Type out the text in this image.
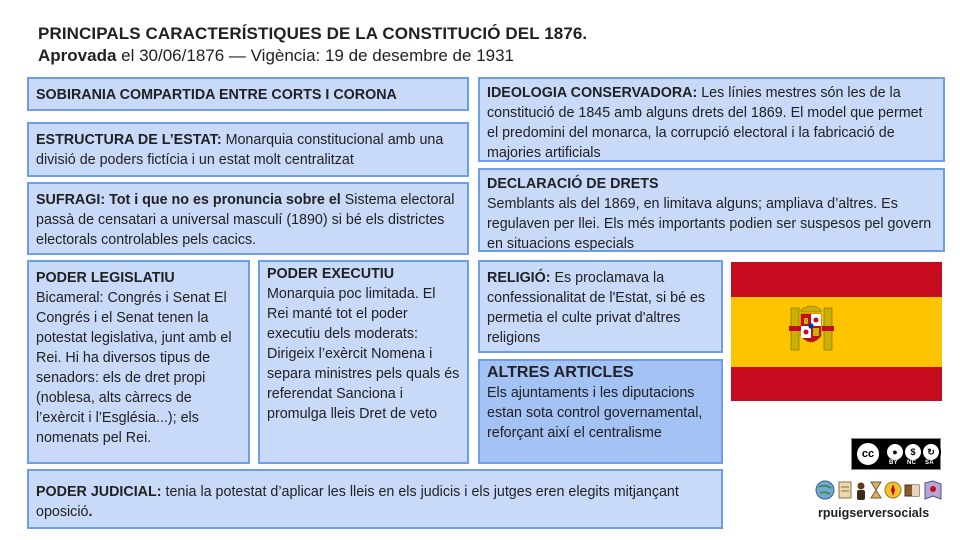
PRINCIPALS CARACTERÍSTIQUES DE LA CONSTITUCIÓ DEL 1876.
Aprovada el 30/06/1876 — Vigència: 19 de desembre de 1931
SOBIRANIA COMPARTIDA ENTRE CORTS I CORONA
ESTRUCTURA DE L’ESTAT: Monarquia constitucional amb una divisió de poders fictícia i un estat molt centralitzat
SUFRAGI: Tot i que no es pronuncia sobre el Sistema electoral passà de censatari a universal masculí (1890) si bé els districtes electorals controlables pels cacics.
PODER LEGISLATIU
Bicameral: Congrés i Senat El Congrés i el Senat tenen la potestat legislativa, junt amb el Rei. Hi ha diversos tipus de senadors: els de dret propi (noblesa, alts càrrecs de l’exèrcit i l’Església...); els nomenats pel Rei.
PODER EXECUTIU
Monarquia poc limitada. El Rei manté tot el poder executiu dels moderats: Dirigeix l’exèrcit Nomena i separa ministres pels quals és referendat Sanciona i promulga lleis Dret de veto
PODER JUDICIAL: tenia la potestat d’aplicar les lleis en els judicis i els jutges eren elegits mitjançant oposició.
IDEOLOGIA CONSERVADORA: Les línies mestres són les de la constitució de 1845 amb alguns drets del 1869. El model que permet el predomini del monarca, la corrupció electoral i la fabricació de majories artificials
DECLARACIÓ DE DRETS
Semblants als del 1869, en limitava alguns; ampliava d’altres. Es regulaven per llei. Els més importants podien ser suspesos pel govern en situacions especials
RELIGIÓ: Es proclamava la confessionalitat de l'Estat, si bé es permetia el culte privat d'altres religions
ALTRES ARTICLES
Els ajuntaments i les diputacions estan sota control governamental, reforçant així el centralisme
cc	●	$	↻
BY NC SA
rpuigserversocials
